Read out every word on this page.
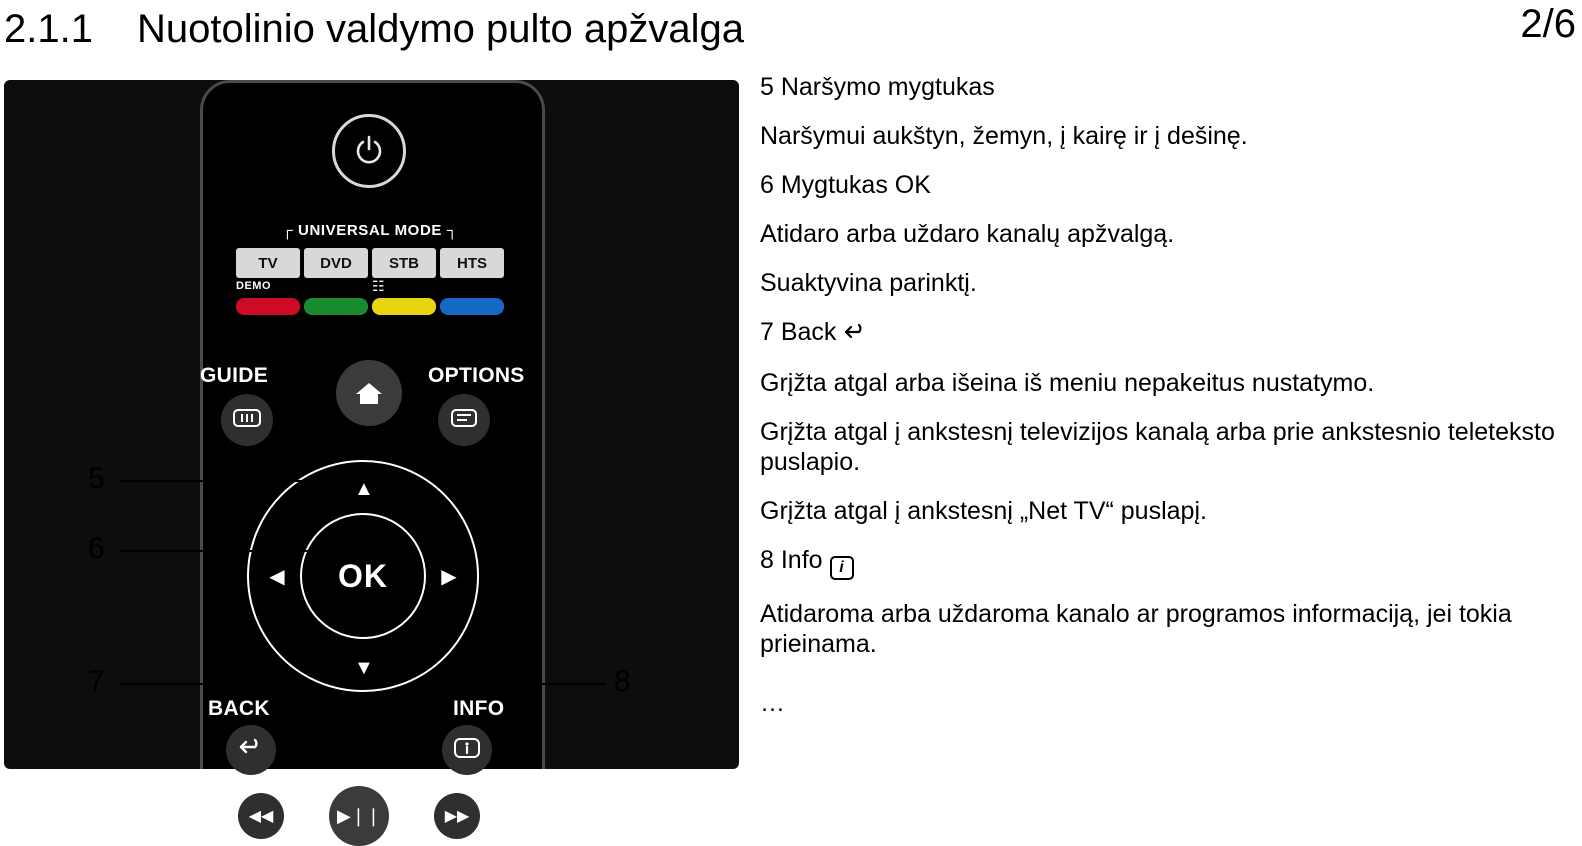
2.1.1 Nuotolinio valdymo pulto apžvalga	2/6
┌ UNIVERSAL MODE ┐
TV	DVD	STB	HTS
DEMO	☷
GUIDE	OPTIONS
▲
▼
◀	▶
OK
BACK	INFO
◀◀	▶❘❘	▶▶
5
6
7	8
5 Naršymo mygtukas
Naršymui aukštyn, žemyn, į kairę ir į dešinę.
6 Mygtukas OK
Atidaro arba uždaro kanalų apžvalgą.
Suaktyvina parinktį.
7 Back
Grįžta atgal arba išeina iš meniu nepakeitus nustatymo.
Grįžta atgal į ankstesnį televizijos kanalą arba prie ankstesnio teleteksto puslapio.
Grįžta atgal į ankstesnį „Net TV“ puslapį.
8 Info i
Atidaroma arba uždaroma kanalo ar programos informaciją, jei tokia prieinama.
…
